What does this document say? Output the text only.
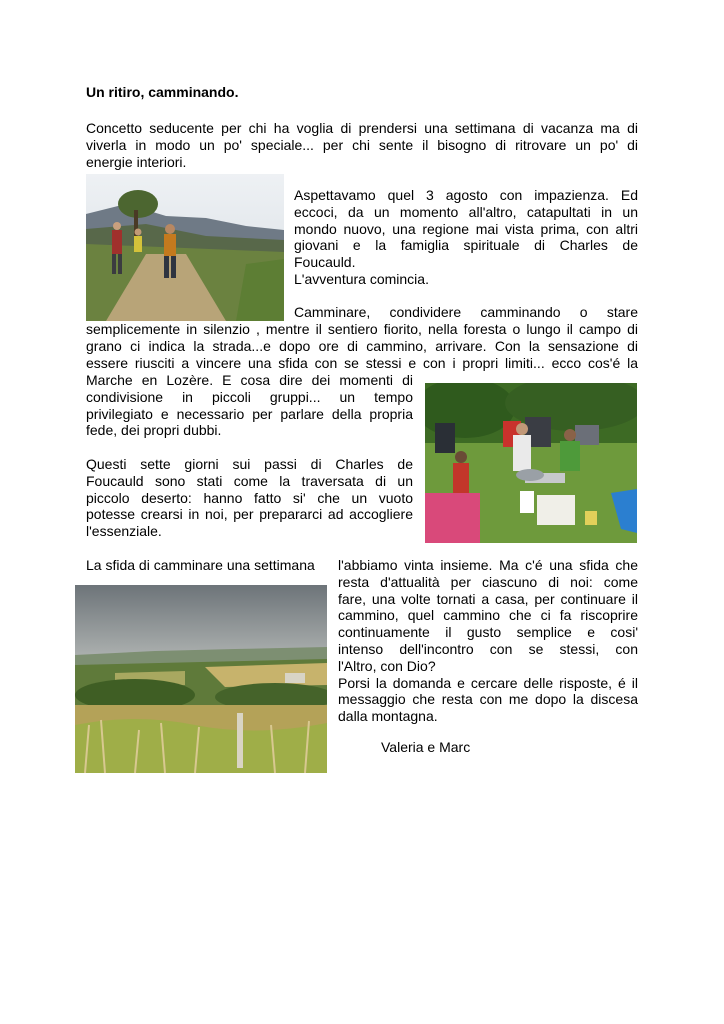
Un ritiro, camminando.
Concetto seducente per chi ha voglia di prendersi una settimana di vacanza ma di
viverla in modo un po' speciale... per chi sente il bisogno di ritrovare un po' di
energie interiori.
Aspettavamo quel 3 agosto con impazienza. Ed
eccoci, da un momento all'altro, catapultati in un
mondo nuovo, una regione mai vista prima, con altri
giovani e la famiglia spirituale di Charles de
Foucauld.
L'avventura comincia.
Camminare, condividere camminando o stare
semplicemente in silenzio , mentre il sentiero fiorito, nella foresta o lungo il campo di
grano ci indica la strada...e dopo ore di cammino, arrivare. Con la sensazione di
essere riusciti a vincere una sfida con se stessi e con i propri limiti... ecco cos'é la
Marche en Lozère. E cosa dire dei momenti di
condivisione in piccoli gruppi... un tempo
privilegiato e necessario per parlare della propria
fede, dei propri dubbi.
Questi sette giorni sui passi di Charles de
Foucauld sono stati come la traversata di un
piccolo deserto: hanno fatto si' che un vuoto
potesse crearsi in noi, per prepararci ad accogliere
l'essenziale.
La sfida di camminare una settimana	l'abbiamo vinta insieme. Ma c'é una sfida che
resta d'attualità per ciascuno di noi: come
fare, una volte tornati a casa, per continuare il
cammino, quel cammino che ci fa riscoprire
continuamente il gusto semplice e cosi'
intenso dell'incontro con se stessi, con
l'Altro, con Dio?
Porsi la domanda e cercare delle risposte, é il
messaggio che resta con me dopo la discesa
dalla montagna.
Valeria e Marc
